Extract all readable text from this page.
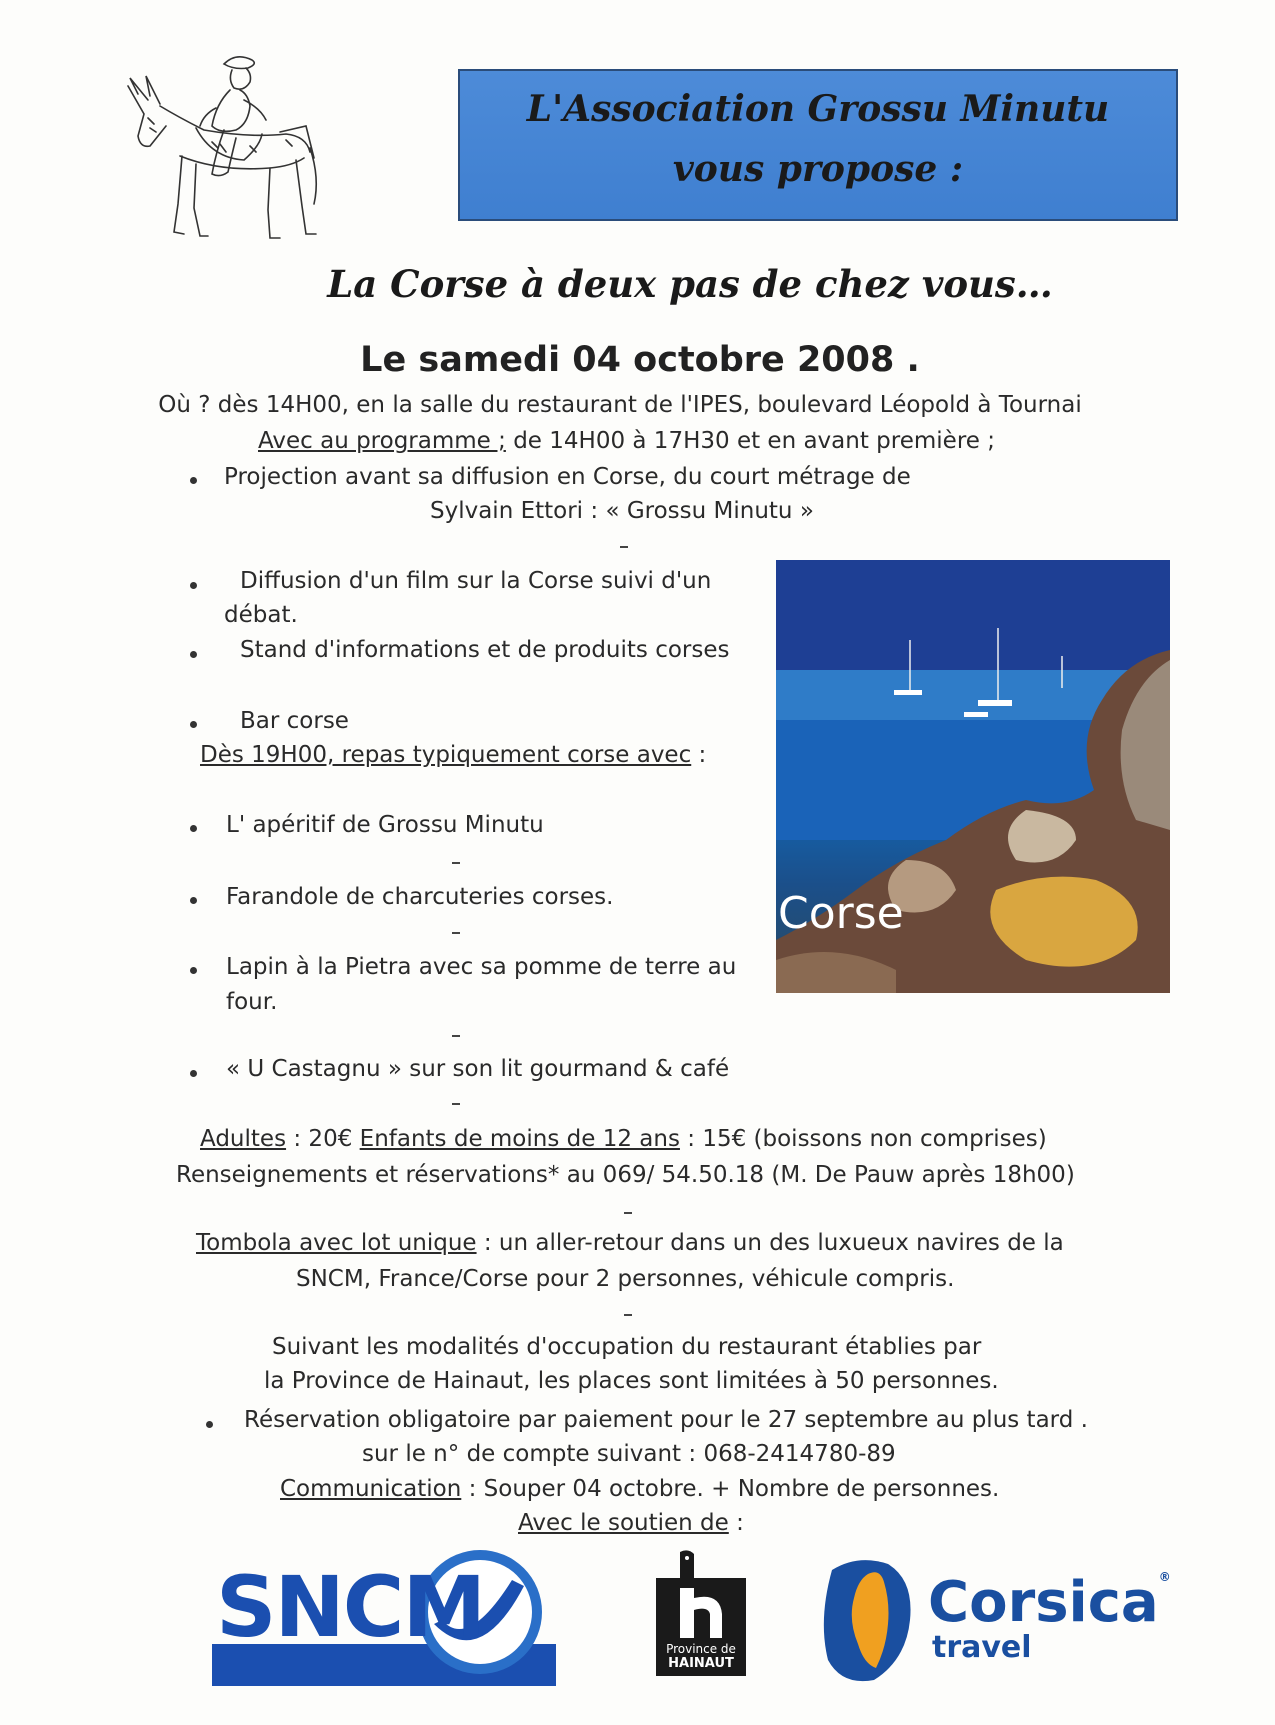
L'Association Grossu Minutu
vous propose :
La Corse à deux pas de chez vous…
Le samedi 04 octobre 2008 .
Où ? dès 14H00, en la salle du restaurant de l'IPES, boulevard Léopold à Tournai
Avec au programme ; de 14H00 à 17H30 et en avant première ;
Projection avant sa diffusion en Corse, du court métrage de
Sylvain Ettori : « Grossu Minutu »
Diffusion d'un film sur la Corse suivi d'un
débat.
Stand d'informations et de produits corses
Bar corse
Dès 19H00, repas typiquement corse avec :
L' apéritif de Grossu Minutu
Farandole de charcuteries corses.
Lapin à la Pietra avec sa pomme de terre au
four.
« U Castagnu » sur son lit gourmand & café
Corse
Adultes : 20€ Enfants de moins de 12 ans : 15€ (boissons non comprises)
Renseignements et réservations* au 069/ 54.50.18 (M. De Pauw après 18h00)
Tombola avec lot unique : un aller-retour dans un des luxueux navires de la
SNCM, France/Corse pour 2 personnes, véhicule compris.
Suivant les modalités d'occupation du restaurant établies par
la Province de Hainaut, les places sont limitées à 50 personnes.
Réservation obligatoire par paiement pour le 27 septembre au plus tard .
sur le n° de compte suivant : 068-2414780-89
Communication : Souper 04 octobre. + Nombre de personnes.
Avec le soutien de :
SNCM	Province de
HAINAUT
Corsica®
travel
